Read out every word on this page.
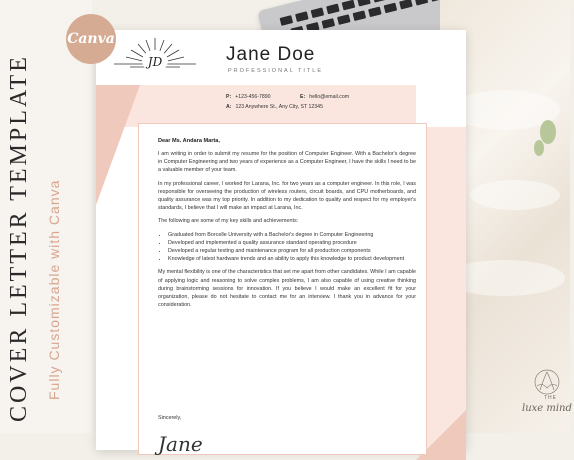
COVER LETTER TEMPLATE Fully Customizable with Canva
Canva
JD	Jane Doe
PROFESSIONAL TITLE
P: +123-456-7890	E: hello@email.com
A: 123 Anywhere St., Any City, ST 12345
Dear Ms. Andara Marta,

I am writing in order to submit my resume for the position of Computer Engineer. With a Bachelor's degree in Computer Engineering and two years of experience as a Computer Engineer, I have the skills I need to be a valuable member of your team.

In my professional career, I worked for Larana, Inc. for two years as a computer engineer. In this role, I was responsible for overseeing the production of wireless routers, circuit boards, and CPU motherboards, and quality assurance was my top priority. In addition to my dedication to quality and respect for my employer's standards, I believe that I will make an impact at Larana, Inc.

The following are some of my key skills and achievements:

• Graduated from Borcelle University with a Bachelor's degree in Computer Engineering
• Developed and implemented a quality assurance standard operating procedure
• Developed a regular testing and maintenance program for all production components
• Knowledge of latest hardware trends and an ability to apply this knowledge to product development

My mental flexibility is one of the characteristics that set me apart from other candidates. While I am capable of applying logic and reasoning to solve complex problems, I am also capable of using creative thinking during brainstorming sessions for innovation. If you believe I would make an excellent fit for your organization, please do not hesitate to contact me for an interview. I thank you in advance for your consideration.

Sincerely,
Jane
THE
luxe mind
